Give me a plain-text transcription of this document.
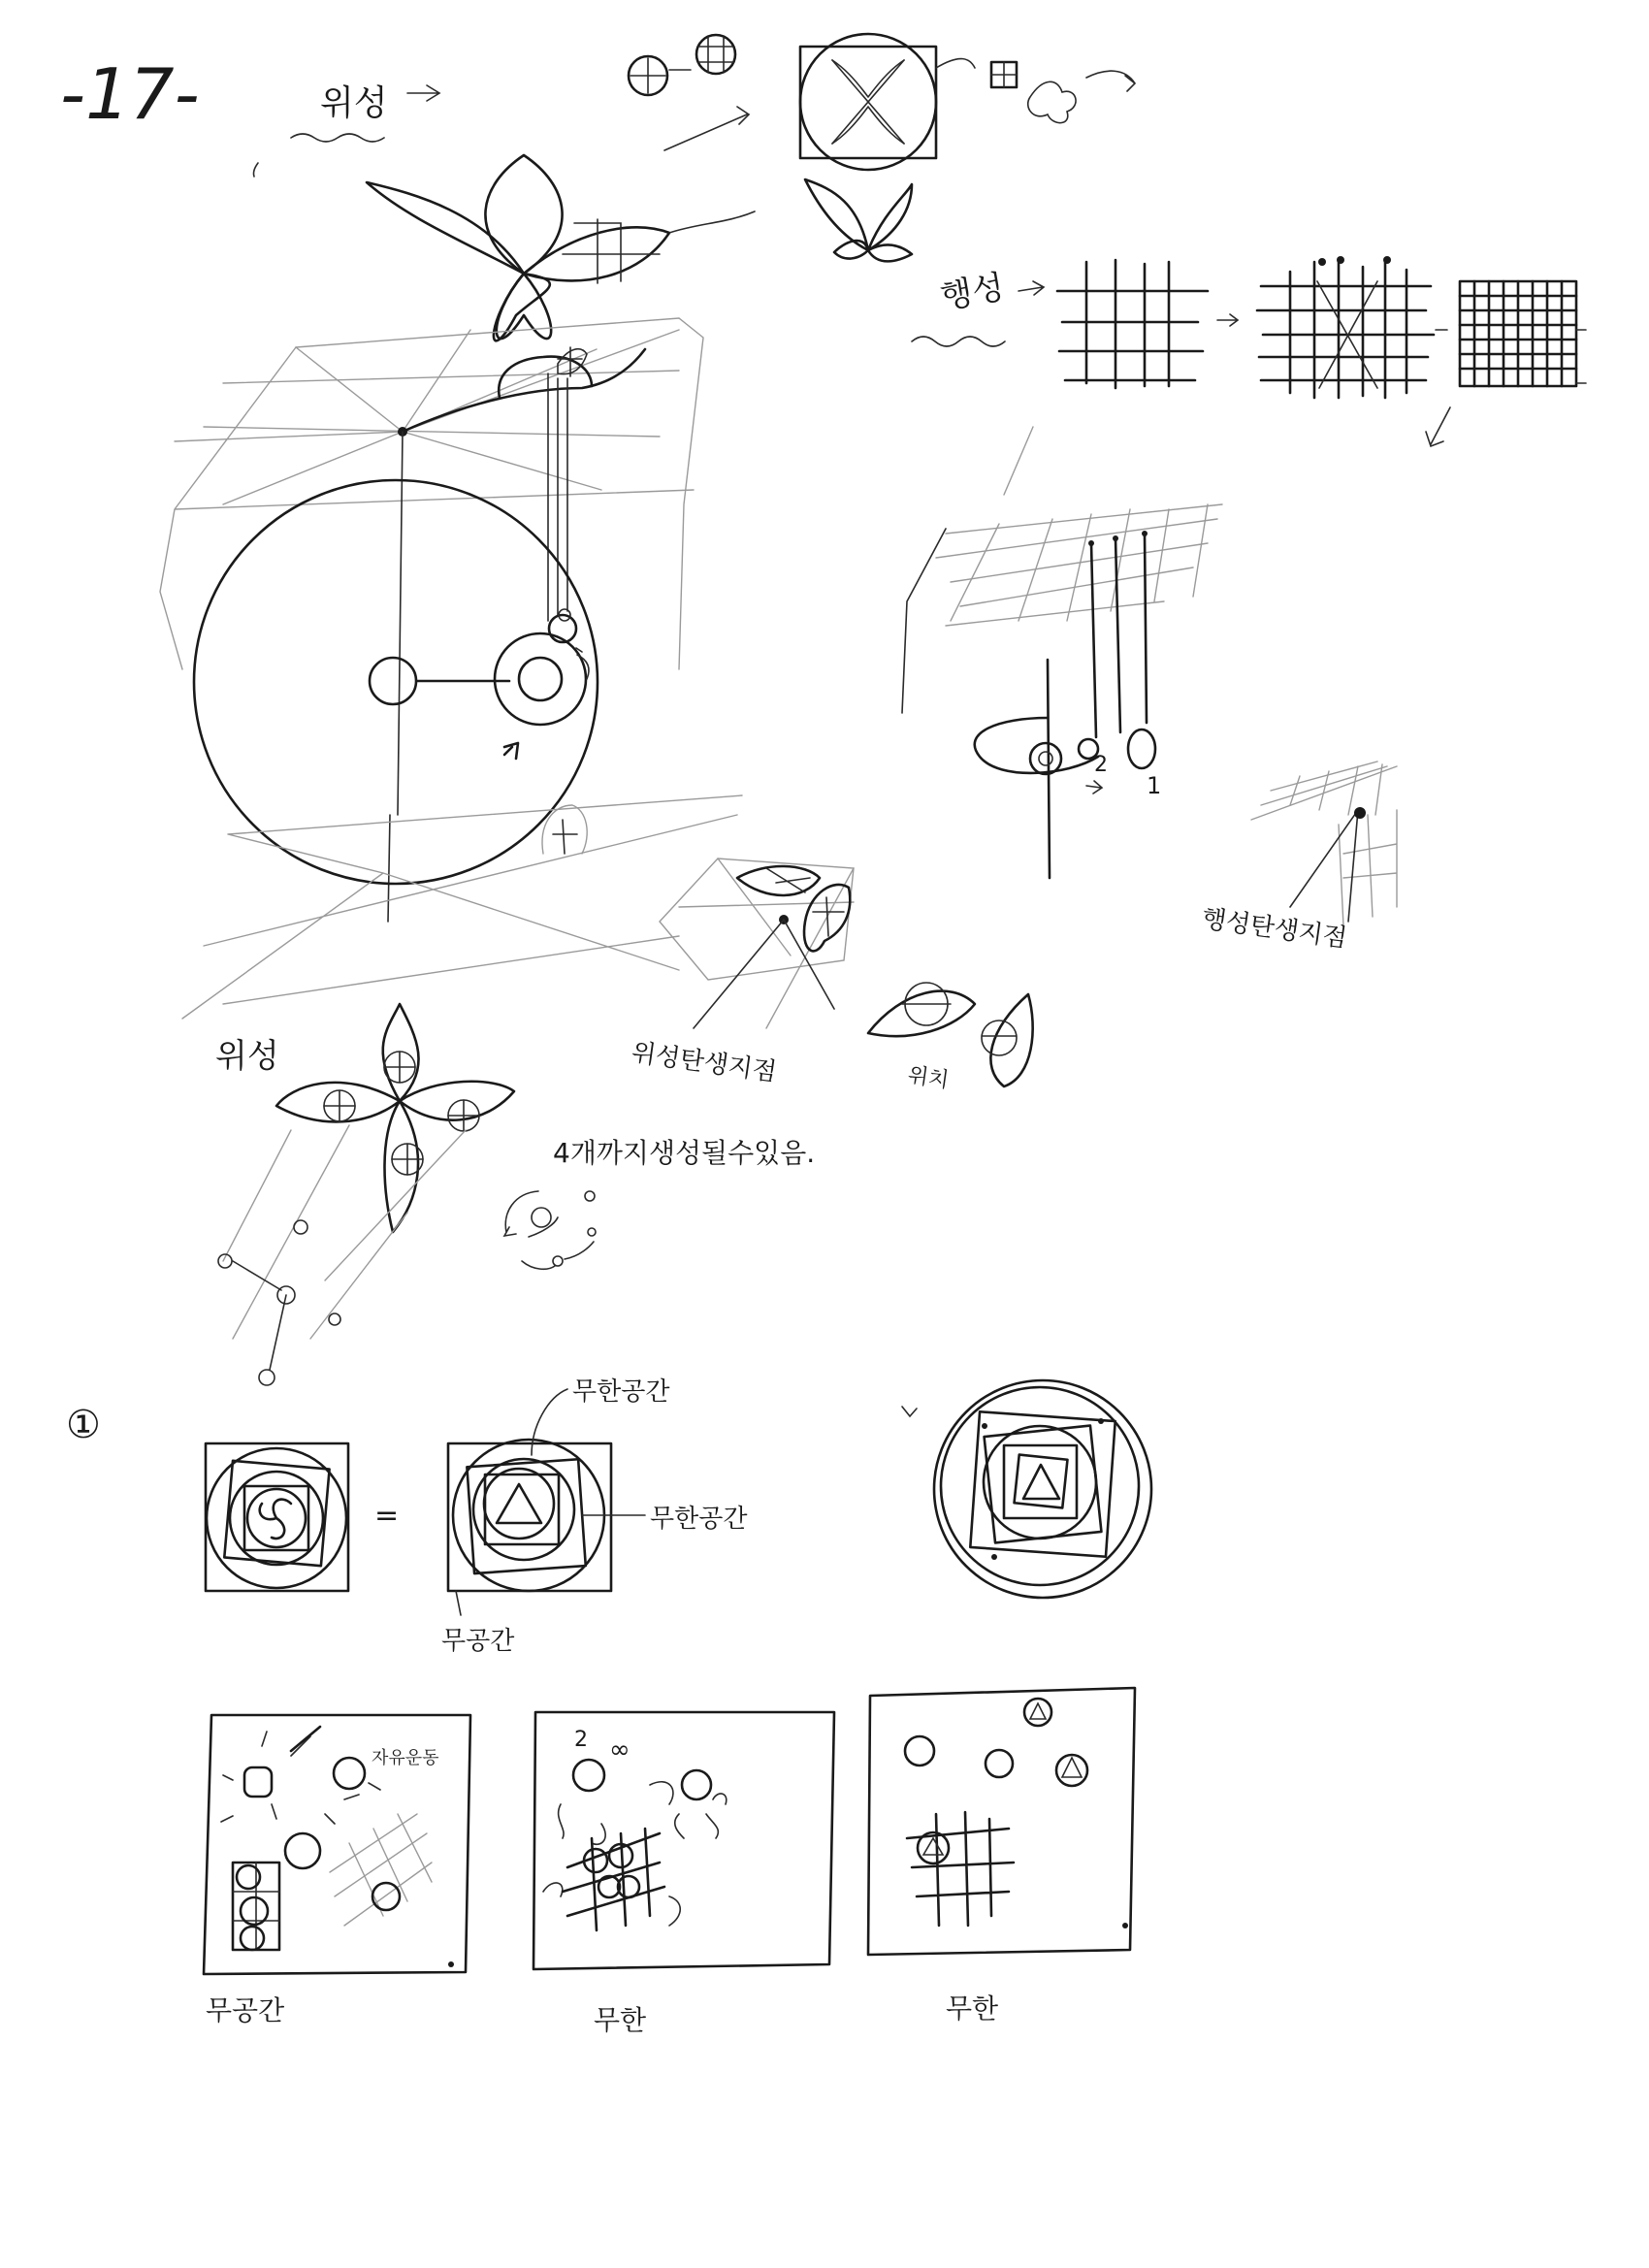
-17-	위성
행성
2
1
행성탄생지점
위성탄생지점	위치
위성
4개까지생성될수있음.
①
=
무한공간
무한공간
무공간
자유운동
무공간
∞
2
무한	무한
